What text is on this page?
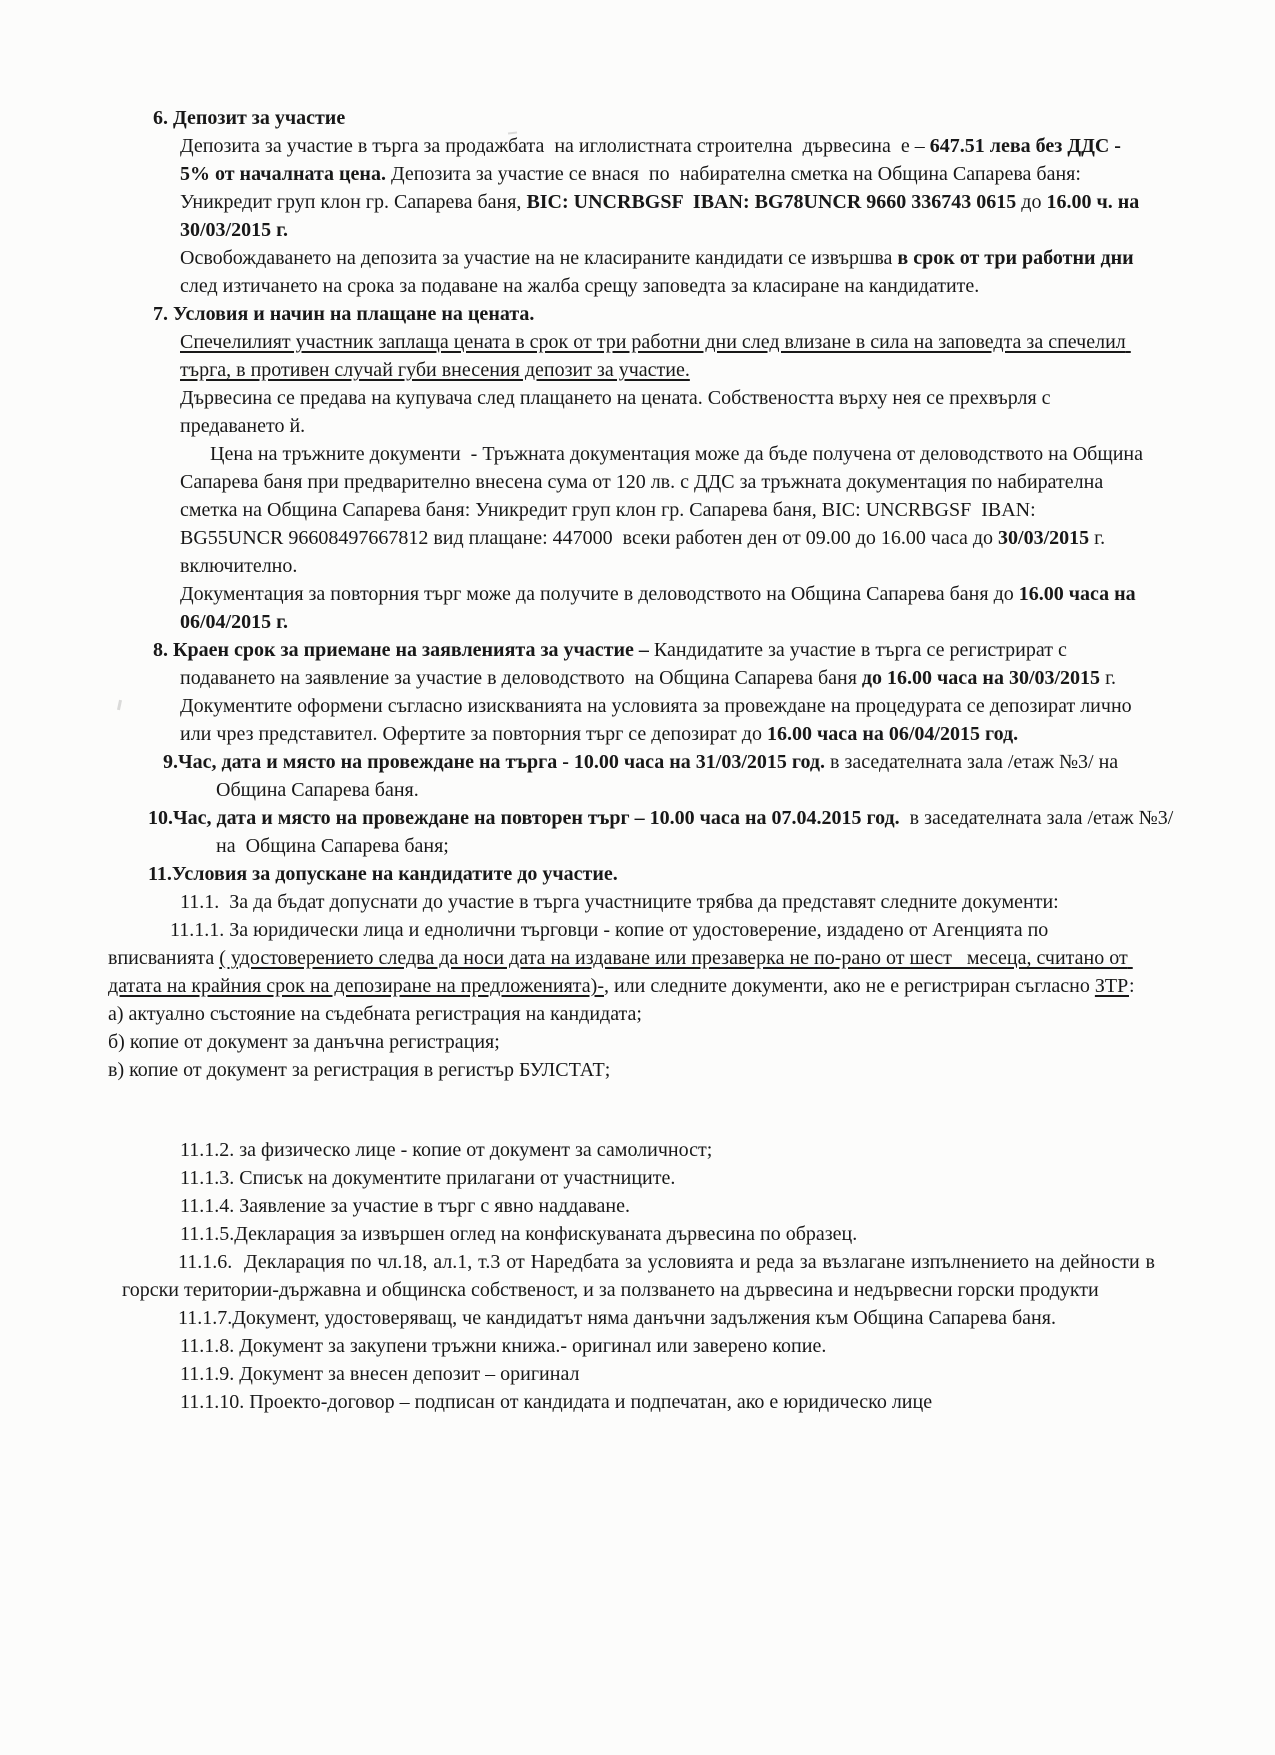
6. Депозит за участие
Депозита за участие в търга за продажбата  на иглолистната строителна  дървесина  е – 647.51 лева без ДДС - 5% от началната цена. Депозита за участие се внася  по  набирателна сметка на Община Сапарева баня: Уникредит груп клон гр. Сапарева баня, BIC: UNCRBGSF  IBAN: BG78UNCR 9660 336743 0615 до 16.00 ч. на 30/03/2015 г.
Освобождаването на депозита за участие на не класираните кандидати се извършва в срок от три работни дни след изтичането на срока за подаване на жалба срещу заповедта за класиране на кандидатите.
7. Условия и начин на плащане на цената.
Спечелилият участник заплаща цената в срок от три работни дни след влизане в сила на заповедта за спечелил търга, в противен случай губи внесения депозит за участие.
Дървесина се предава на купувача след плащането на цената. Собствеността върху нея се прехвърля с предаването й.
Цена на тръжните документи  - Тръжната документация може да бъде получена от деловодството на Община Сапарева баня при предварително внесена сума от 120 лв. с ДДС за тръжната документация по набирателна сметка на Община Сапарева баня: Уникредит груп клон гр. Сапарева баня, BIC: UNCRBGSF  IBAN: BG55UNCR 96608497667812 вид плащане: 447000  всеки работен ден от 09.00 до 16.00 часа до 30/03/2015 г. включително.
Документация за повторния търг може да получите в деловодството на Община Сапарева баня до 16.00 часа на 06/04/2015 г.
8. Краен срок за приемане на заявленията за участие – Кандидатите за участие в търга се регистрират с подаването на заявление за участие в деловодството  на Община Сапарева баня до 16.00 часа на 30/03/2015 г. Документите оформени съгласно изискванията на условията за провеждане на процедурата се депозират лично или чрез представител. Офертите за повторния търг се депозират до 16.00 часа на 06/04/2015 год.
9.Час, дата и място на провеждане на търга - 10.00 часа на 31/03/2015 год. в заседателната зала /етаж №3/ на  Община Сапарева баня.
10.Час, дата и място на провеждане на повторен търг – 10.00 часа на 07.04.2015 год.  в заседателната зала /етаж №3/ на  Община Сапарева баня;
11.Условия за допускане на кандидатите до участие.
11.1.  За да бъдат допуснати до участие в търга участниците трябва да представят следните документи:
11.1.1. За юридически лица и еднолични търговци - копие от удостоверение, издадено от Агенцията по вписванията ( удостоверението следва да носи дата на издаване или презаверка не по-рано от шест   месеца, считано от датата на крайния срок на депозиране на предложенията)-, или следните документи, ако не е регистриран съгласно ЗТР:
а) актуално състояние на съдебната регистрация на кандидата;
б) копие от документ за данъчна регистрация;
в) копие от документ за регистрация в регистър БУЛСТАТ;
11.1.2. за физическо лице - копие от документ за самоличност;
11.1.3. Списък на документите прилагани от участниците.
11.1.4. Заявление за участие в търг с явно наддаване.
11.1.5.Декларация за извършен оглед на конфискуваната дървесина по образец.
11.1.6.  Декларация по чл.18, ал.1, т.3 от Наредбата за условията и реда за възлагане изпълнението на дейности в горски територии-държавна и общинска собственост, и за ползването на дървесина и недървесни горски продукти
11.1.7.Документ, удостоверяващ, че кандидатът няма данъчни задължения към Община Сапарева баня.
11.1.8. Документ за закупени тръжни книжа.- оригинал или заверено копие.
11.1.9. Документ за внесен депозит – оригинал
11.1.10. Проекто-договор – подписан от кандидата и подпечатан, ако е юридическо лице
